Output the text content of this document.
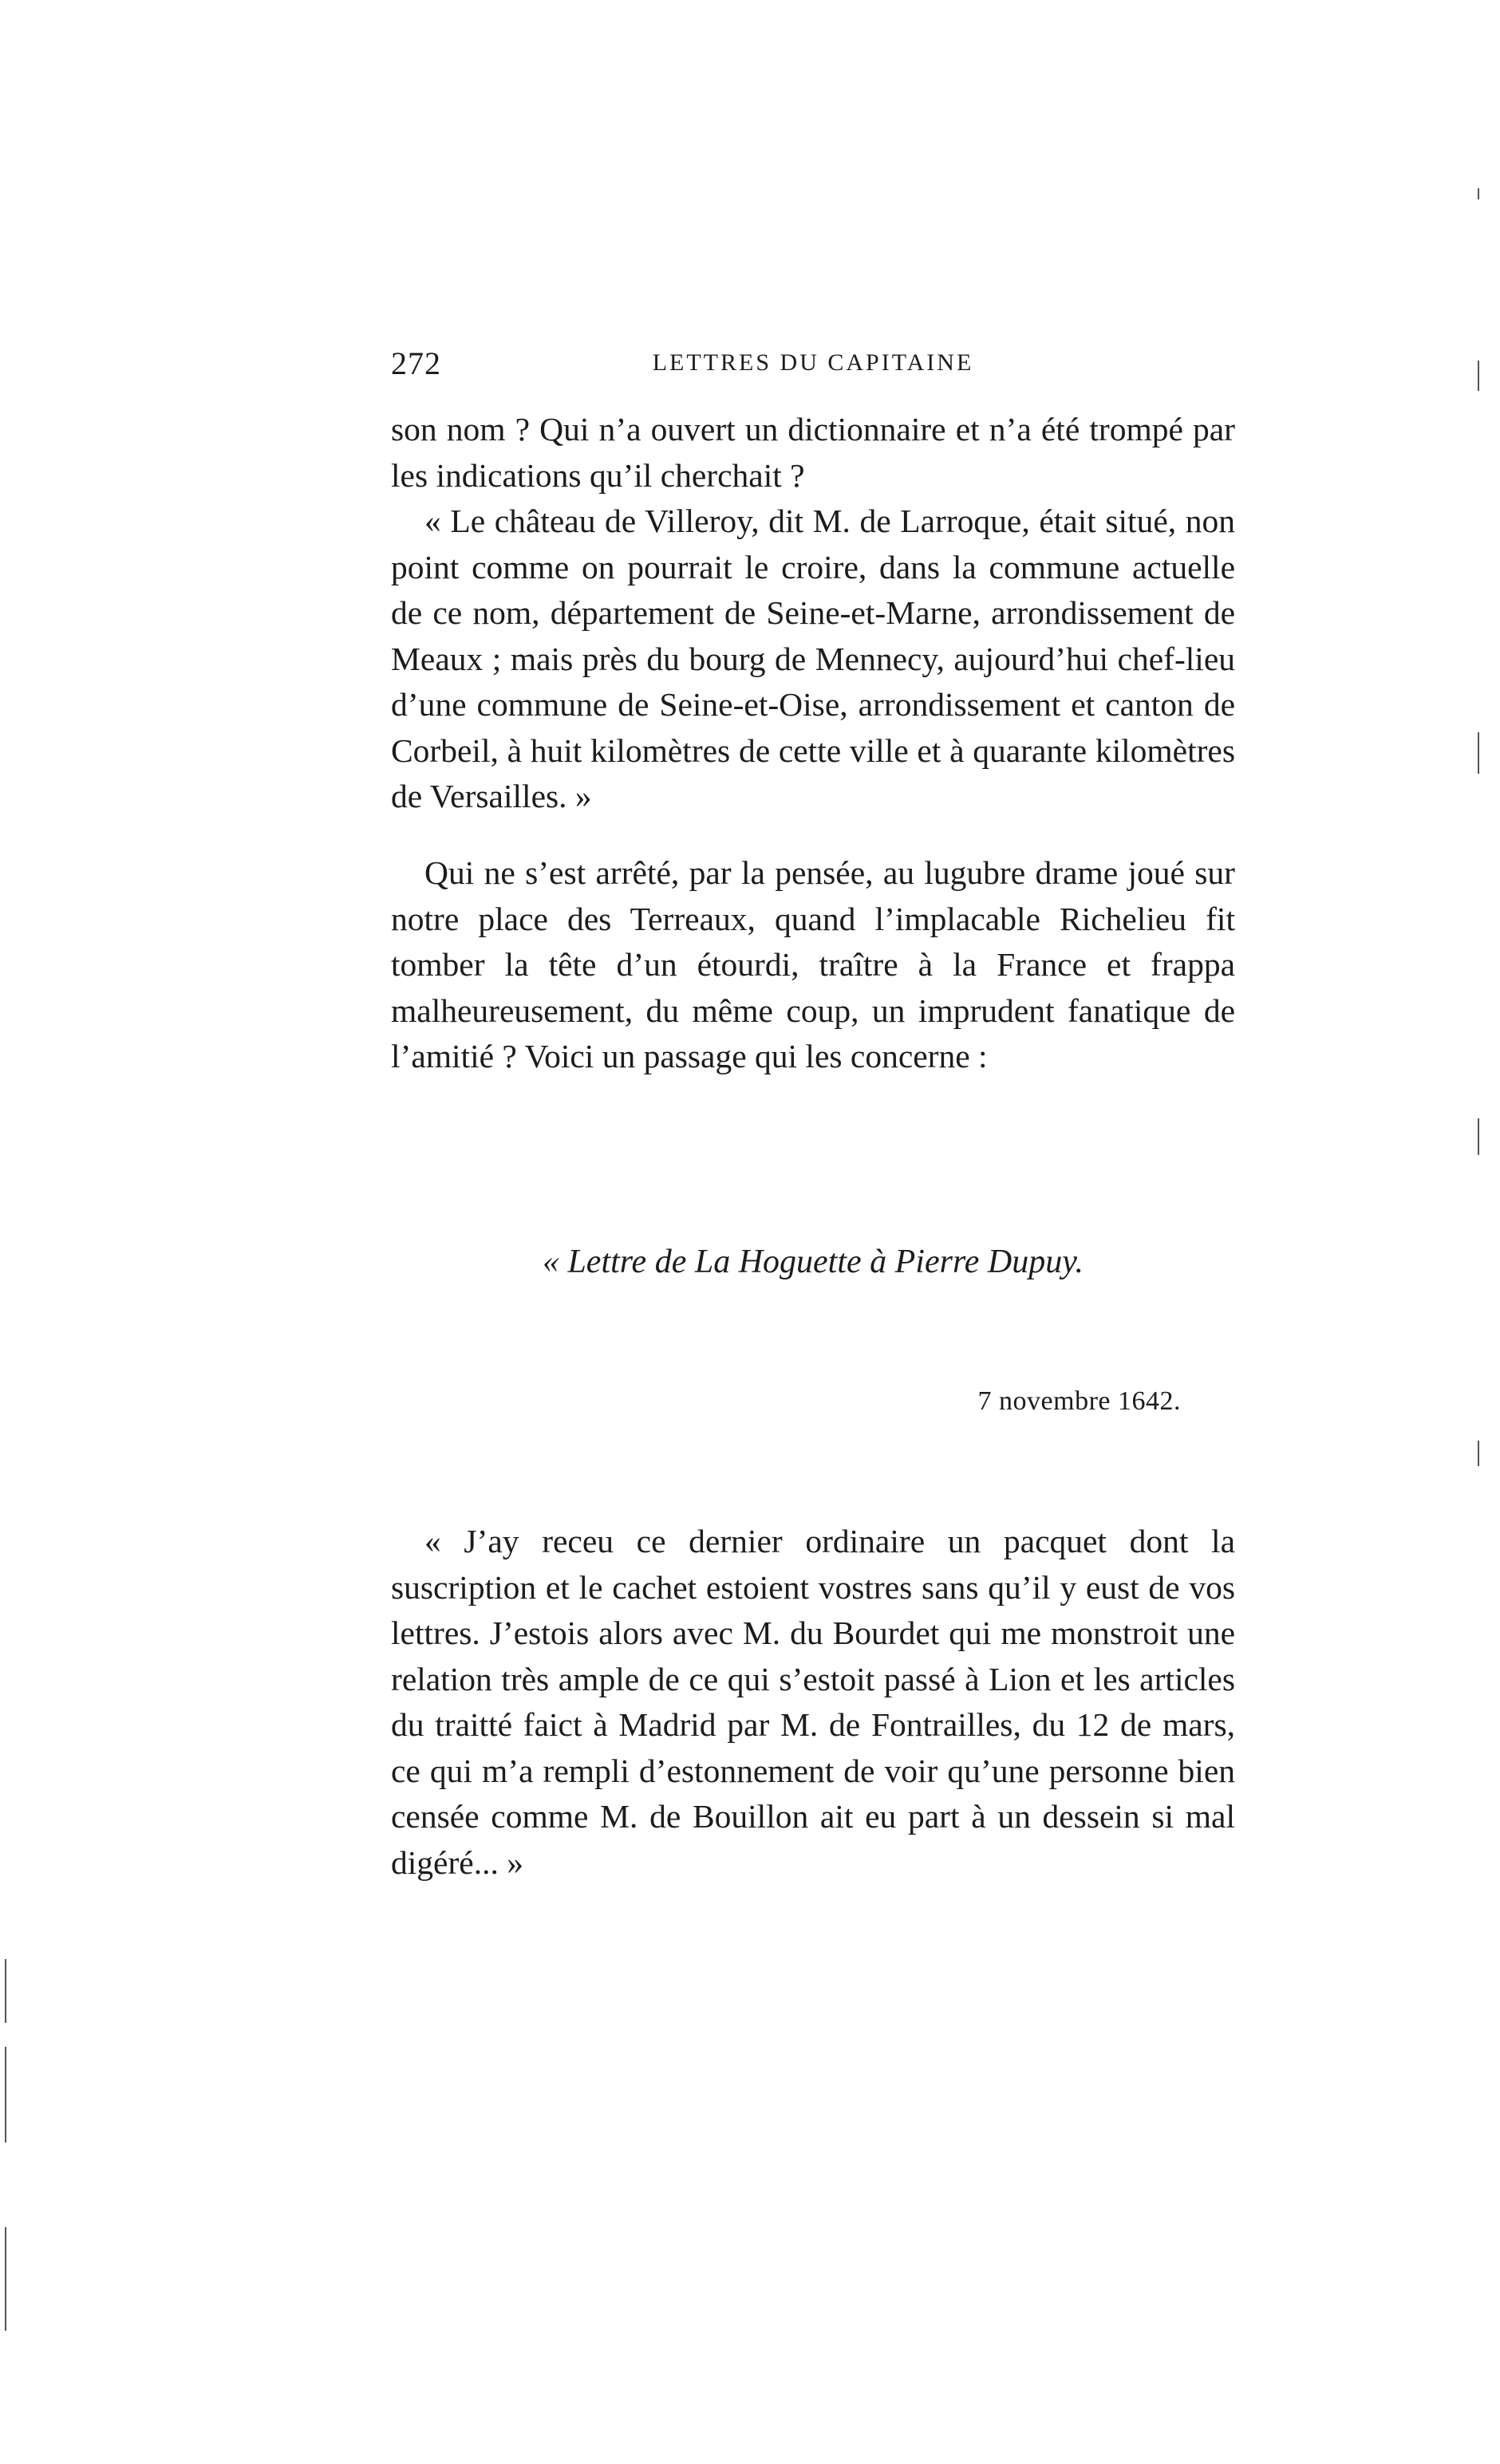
272	LETTRES DU CAPITAINE

son nom ? Qui n’a ouvert un dictionnaire et n’a été trompé par les indications qu’il cherchait ?

« Le château de Villeroy, dit M. de Larroque, était situé, non point comme on pourrait le croire, dans la commune actuelle de ce nom, département de Seine-et-Marne, arrondissement de Meaux ; mais près du bourg de Mennecy, aujourd’hui chef-lieu d’une commune de Seine-et-Oise, arrondissement et canton de Corbeil, à huit kilomètres de cette ville et à quarante kilomètres de Versailles. »

Qui ne s’est arrêté, par la pensée, au lugubre drame joué sur notre place des Terreaux, quand l’implacable Richelieu fit tomber la tête d’un étourdi, traître à la France et frappa malheureusement, du même coup, un imprudent fanatique de l’amitié ? Voici un passage qui les concerne :

« Lettre de La Hoguette à Pierre Dupuy.
7 novembre 1642.

« J’ay receu ce dernier ordinaire un pacquet dont la suscription et le cachet estoient vostres sans qu’il y eust de vos lettres. J’estois alors avec M. du Bourdet qui me monstroit une relation très ample de ce qui s’estoit passé à Lion et les articles du traitté faict à Madrid par M. de Fontrailles, du 12 de mars, ce qui m’a rempli d’estonnement de voir qu’une personne bien censée comme M. de Bouillon ait eu part à un dessein si mal digéré... »
